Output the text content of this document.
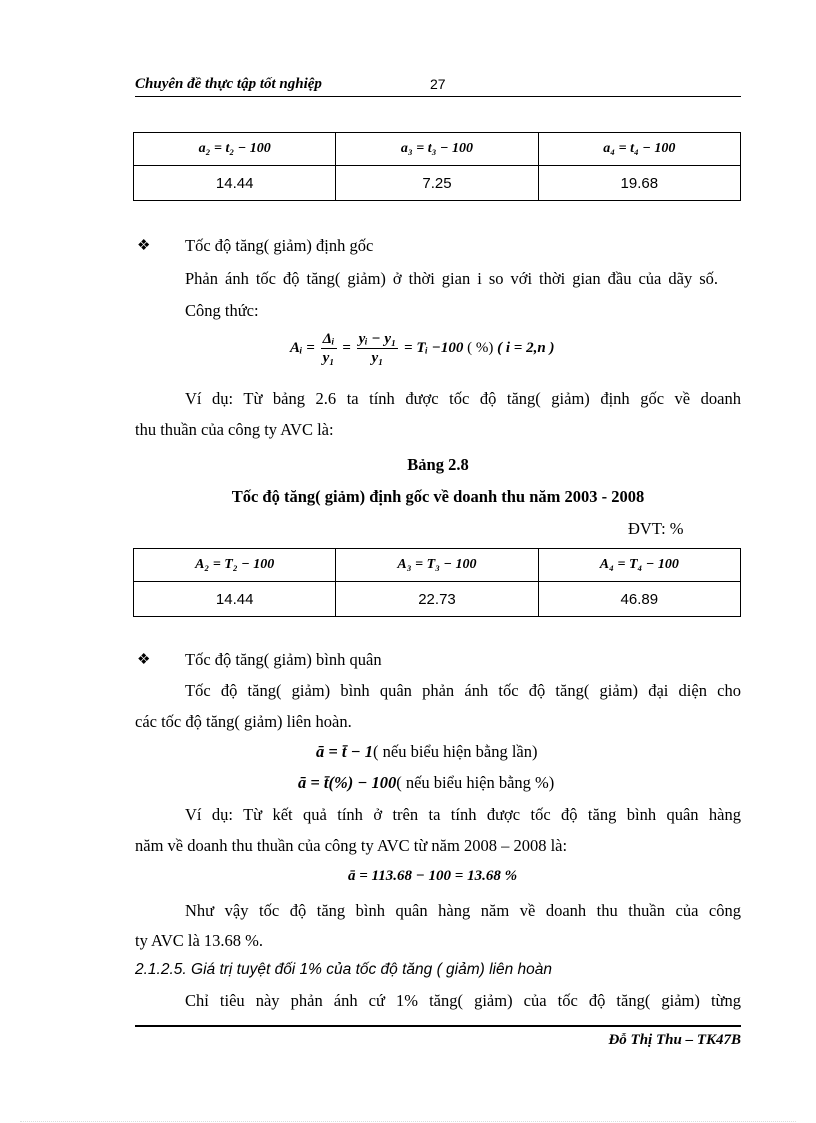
Chuyên đề thực tập tốt nghiệp	27
a₂ = t₂ − 100	a₃ = t₃ − 100	a₄ = t₄ − 100
14.44	7.25	19.68
❖ Tốc độ tăng( giảm) định gốc
Phản ánh tốc độ tăng( giảm) ở thời gian i so với thời gian đầu của dãy số.
Công thức:
Aᵢ = $\frac{\text{Δᵢ}}{\text{y₁}} = \frac{\text{yᵢ − y₁}}{\text{y₁}}$ = Tᵢ −100 ( %) ( i = 2,n )
Ví dụ: Từ bảng 2.6 ta tính được tốc độ tăng( giảm) định gốc về doanh
thu thuần của công ty AVC là:
Bảng 2.8
Tốc độ tăng( giảm) định gốc về doanh thu năm 2003 - 2008
ĐVT: %
A₂ = T₂ − 100	A₃ = T₃ − 100	A₄ = T₄ − 100
14.44	22.73	46.89
❖ Tốc độ tăng( giảm) bình quân
Tốc độ tăng( giảm) bình quân phản ánh tốc độ tăng( giảm) đại diện cho
các tốc độ tăng( giảm) liên hoàn.
ā = t̄ − 1( nếu biểu hiện bằng lần)
ā = t̄(%) − 100( nếu biểu hiện bằng %)
Ví dụ: Từ kết quả tính ở trên ta tính được tốc độ tăng bình quân hàng
năm về doanh thu thuần của công ty AVC từ năm 2008 – 2008 là:
ā = 113.68 − 100 = 13.68 %
Như vậy tốc độ tăng bình quân hàng năm về doanh thu thuần của công
ty AVC là 13.68 %.
2.1.2.5. Giá trị tuyệt đối 1% của tốc độ tăng ( giảm) liên hoàn
Chỉ tiêu này phản ánh cứ 1% tăng( giảm) của tốc độ tăng( giảm) từng
Đỗ Thị Thu – TK47B
